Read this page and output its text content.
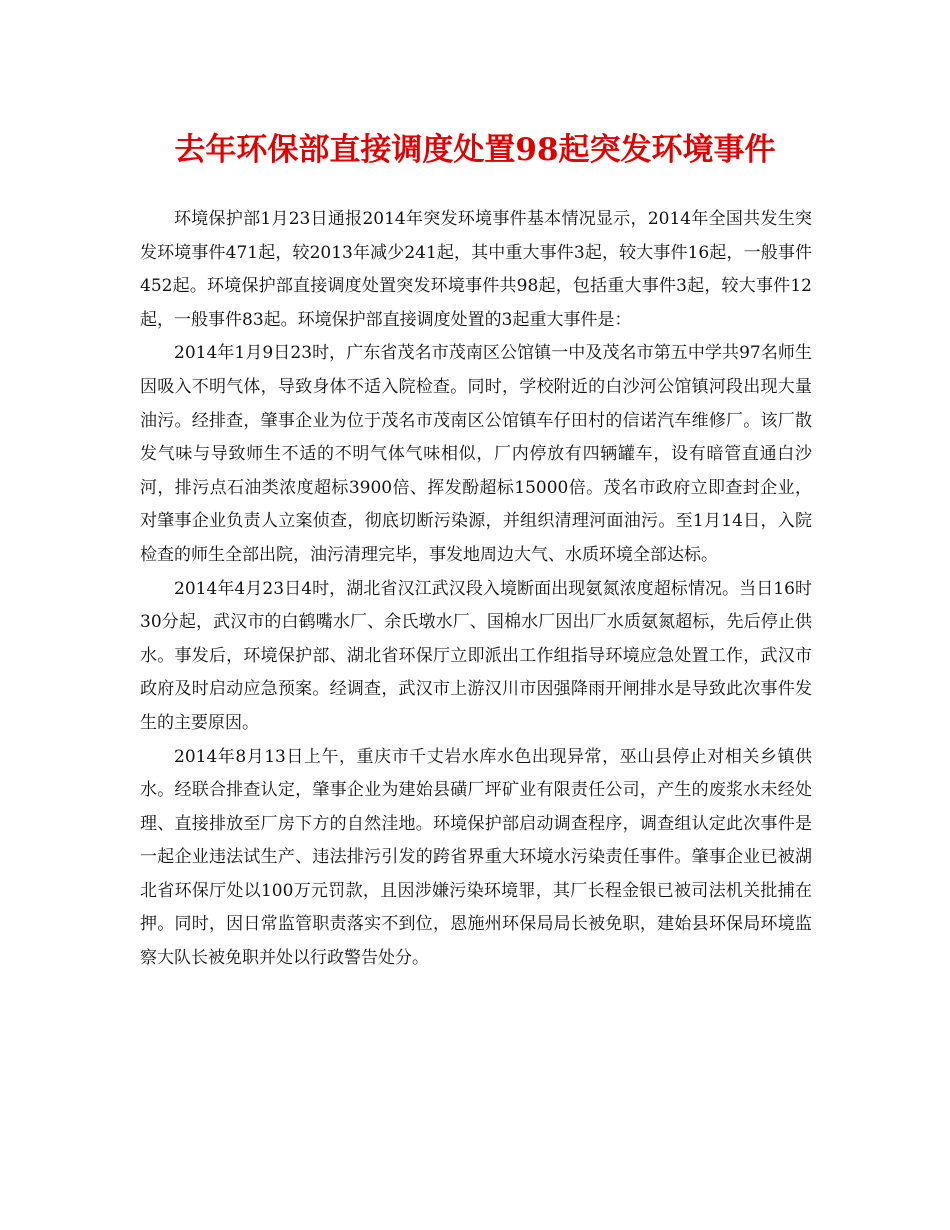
去年环保部直接调度处置98起突发环境事件

环境保护部1月23日通报2014年突发环境事件基本情况显示，2014年全国共发生突发环境事件471起，较2013年减少241起，其中重大事件3起，较大事件16起，一般事件452起。环境保护部直接调度处置突发环境事件共98起，包括重大事件3起，较大事件12起，一般事件83起。环境保护部直接调度处置的3起重大事件是：

2014年1月9日23时，广东省茂名市茂南区公馆镇一中及茂名市第五中学共97名师生因吸入不明气体，导致身体不适入院检查。同时，学校附近的白沙河公馆镇河段出现大量油污。经排查，肇事企业为位于茂名市茂南区公馆镇车仔田村的信诺汽车维修厂。该厂散发气味与导致师生不适的不明气体气味相似，厂内停放有四辆罐车，设有暗管直通白沙河，排污点石油类浓度超标3900倍、挥发酚超标15000倍。茂名市政府立即查封企业，对肇事企业负责人立案侦查，彻底切断污染源，并组织清理河面油污。至1月14日，入院检查的师生全部出院，油污清理完毕，事发地周边大气、水质环境全部达标。

2014年4月23日4时，湖北省汉江武汉段入境断面出现氨氮浓度超标情况。当日16时30分起，武汉市的白鹤嘴水厂、余氏墩水厂、国棉水厂因出厂水质氨氮超标，先后停止供水。事发后，环境保护部、湖北省环保厅立即派出工作组指导环境应急处置工作，武汉市政府及时启动应急预案。经调查，武汉市上游汉川市因强降雨开闸排水是导致此次事件发生的主要原因。

2014年8月13日上午，重庆市千丈岩水库水色出现异常，巫山县停止对相关乡镇供水。经联合排查认定，肇事企业为建始县磺厂坪矿业有限责任公司，产生的废浆水未经处理、直接排放至厂房下方的自然洼地。环境保护部启动调查程序，调查组认定此次事件是一起企业违法试生产、违法排污引发的跨省界重大环境水污染责任事件。肇事企业已被湖北省环保厅处以100万元罚款，且因涉嫌污染环境罪，其厂长程金银已被司法机关批捕在押。同时，因日常监管职责落实不到位，恩施州环保局局长被免职，建始县环保局环境监察大队长被免职并处以行政警告处分。
